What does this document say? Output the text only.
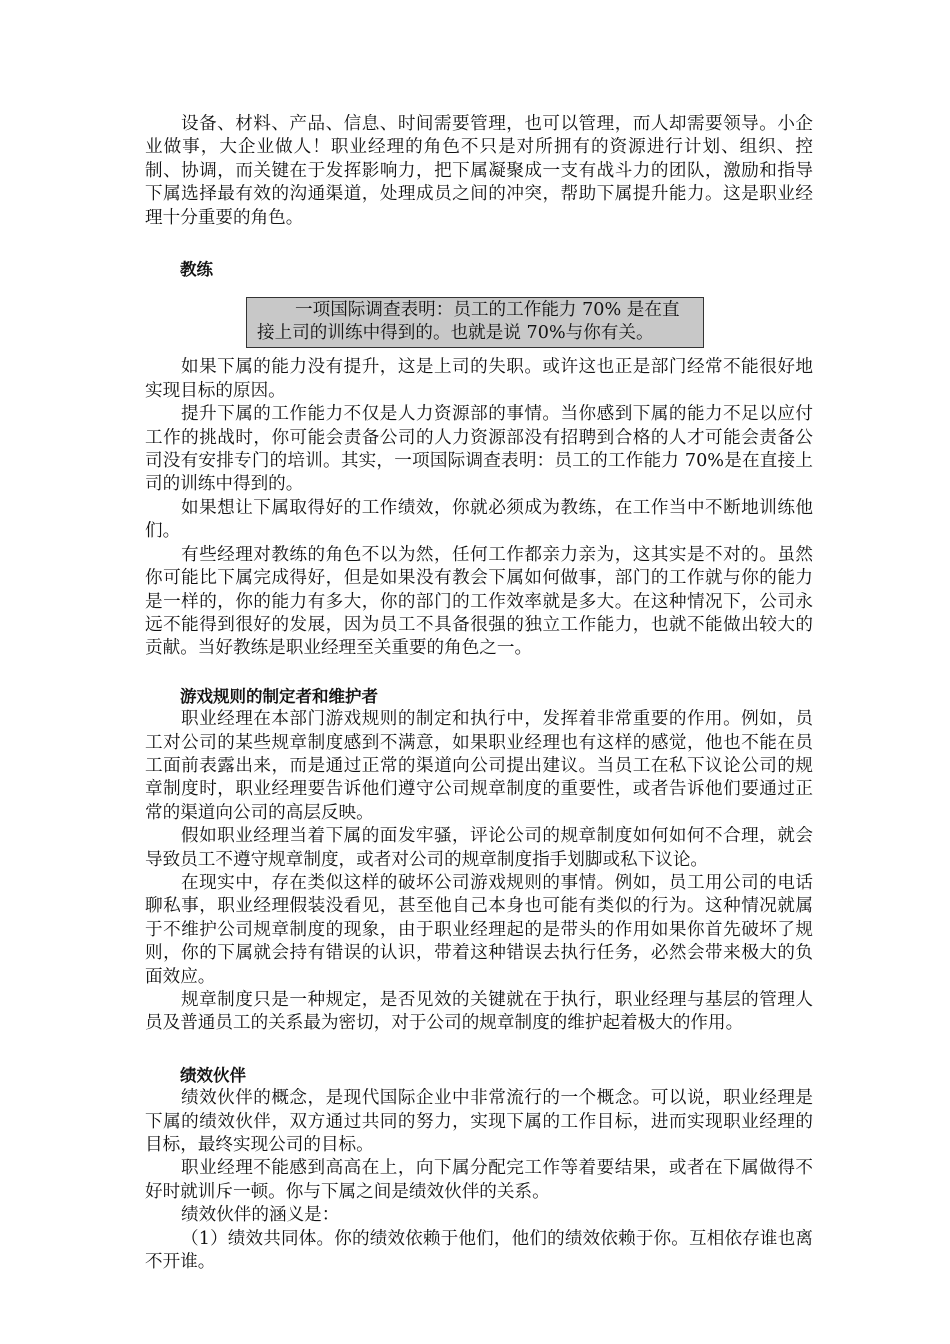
设备、材料、产品、信息、时间需要管理，也可以管理，而人却需要领导。小企业做事，大企业做人！职业经理的角色不只是对所拥有的资源进行计划、组织、控制、协调，而关键在于发挥影响力，把下属凝聚成一支有战斗力的团队，激励和指导下属选择最有效的沟通渠道，处理成员之间的冲突，帮助下属提升能力。这是职业经理十分重要的角色。

教练

一项国际调查表明：员工的工作能力 70% 是在直接上司的训练中得到的。也就是说 70%与你有关。

如果下属的能力没有提升，这是上司的失职。或许这也正是部门经常不能很好地实现目标的原因。

提升下属的工作能力不仅是人力资源部的事情。当你感到下属的能力不足以应付工作的挑战时，你可能会责备公司的人力资源部没有招聘到合格的人才可能会责备公司没有安排专门的培训。其实，一项国际调查表明：员工的工作能力 70%是在直接上司的训练中得到的。

如果想让下属取得好的工作绩效，你就必须成为教练，在工作当中不断地训练他们。

有些经理对教练的角色不以为然，任何工作都亲力亲为，这其实是不对的。虽然你可能比下属完成得好，但是如果没有教会下属如何做事，部门的工作就与你的能力是一样的，你的能力有多大，你的部门的工作效率就是多大。在这种情况下，公司永远不能得到很好的发展，因为员工不具备很强的独立工作能力，也就不能做出较大的贡献。当好教练是职业经理至关重要的角色之一。

游戏规则的制定者和维护者

职业经理在本部门游戏规则的制定和执行中，发挥着非常重要的作用。例如，员工对公司的某些规章制度感到不满意，如果职业经理也有这样的感觉，他也不能在员工面前表露出来，而是通过正常的渠道向公司提出建议。当员工在私下议论公司的规章制度时，职业经理要告诉他们遵守公司规章制度的重要性，或者告诉他们要通过正常的渠道向公司的高层反映。

假如职业经理当着下属的面发牢骚，评论公司的规章制度如何如何不合理，就会导致员工不遵守规章制度，或者对公司的规章制度指手划脚或私下议论。

在现实中，存在类似这样的破坏公司游戏规则的事情。例如，员工用公司的电话聊私事，职业经理假装没看见，甚至他自己本身也可能有类似的行为。这种情况就属于不维护公司规章制度的现象，由于职业经理起的是带头的作用如果你首先破坏了规则，你的下属就会持有错误的认识，带着这种错误去执行任务，必然会带来极大的负面效应。

规章制度只是一种规定，是否见效的关键就在于执行，职业经理与基层的管理人员及普通员工的关系最为密切，对于公司的规章制度的维护起着极大的作用。

绩效伙伴

绩效伙伴的概念，是现代国际企业中非常流行的一个概念。可以说，职业经理是下属的绩效伙伴，双方通过共同的努力，实现下属的工作目标，进而实现职业经理的目标，最终实现公司的目标。

职业经理不能感到高高在上，向下属分配完工作等着要结果，或者在下属做得不好时就训斥一顿。你与下属之间是绩效伙伴的关系。

绩效伙伴的涵义是：

（1）绩效共同体。你的绩效依赖于他们，他们的绩效依赖于你。互相依存谁也离不开谁。
